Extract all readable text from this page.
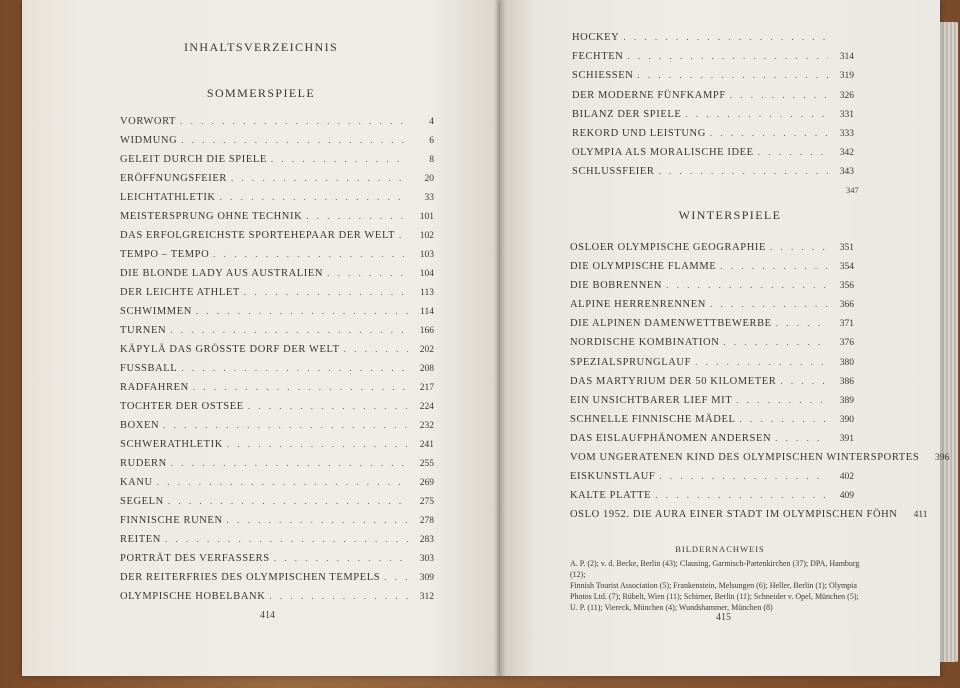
INHALTSVERZEICHNIS
SOMMERSPIELE
VORWORT . . .	4
WIDMUNG . . .	6
GELEIT DURCH DIE SPIELE . . .	8
ERÖFFNUNGSFEIER . . .	20
LEICHTATHLETIK . . .	33
MEISTERSPRUNG OHNE TECHNIK . . .	101
DAS ERFOLGREICHSTE SPORTEHEPAAR DER WELT . . .	102
TEMPO – TEMPO . . .	103
DIE BLONDE LADY AUS AUSTRALIEN . . .	104
DER LEICHTE ATHLET . . .	113
SCHWIMMEN . . .	114
TURNEN . . .	166
KÄPYLÄ DAS GRÖSSTE DORF DER WELT . . .	202
FUSSBALL . . .	208
RADFAHREN . . .	217
TOCHTER DER OSTSEE . . .	224
BOXEN . . .	232
SCHWERATHLETIK . . .	241
RUDERN . . .	255
KANU . . .	269
SEGELN . . .	275
FINNISCHE RUNEN . . .	278
REITEN . . .	283
PORTRÄT DES VERFASSERS . . .	303
DER REITERFRIES DES OLYMPISCHEN TEMPELS . . .	309
OLYMPISCHE HOBELBANK . . .	312
414
HOCKEY
. . .
FECHTEN . . .	314
SCHIESSEN . . .	319
DER MODERNE FÜNFKAMPF . . .	326
BILANZ DER SPIELE . . .	331
REKORD UND LEISTUNG . . .	333
OLYMPIA ALS MORALISCHE IDEE . . .	342
SCHLUSSFEIER . . .	343
347
WINTERSPIELE
OSLOER OLYMPISCHE GEOGRAPHIE . . .	351
DIE OLYMPISCHE FLAMME . . .	354
DIE BOBRENNEN . . .	356
ALPINE HERRENRENNEN . . .	366
DIE ALPINEN DAMENWETTBEWERBE . . .	371
NORDISCHE KOMBINATION . . .	376
SPEZIALSPRUNGLAUF . . .	380
DAS MARTYRIUM DER 50 KILOMETER . . .	386
EIN UNSICHTBARER LIEF MIT . . .	389
SCHNELLE FINNISCHE MÄDEL . . .	390
DAS EISLAUFPHÄNOMEN ANDERSEN . . .	391
VOM UNGERATENEN KIND DES OLYMPISCHEN WINTERSPORTES	396
EISKUNSTLAUF . . .	402
KALTE PLATTE . . .	409
OSLO 1952. DIE AURA EINER STADT IM OLYMPISCHEN FÖHN	411
BILDERNACHWEIS
A. P. (2); v. d. Becke, Berlin (43); Clausing, Garmisch-Partenkirchen (37); DPA, Hamburg (12);
Finnish Tourist Association (5); Frankenstein, Melsungen (6); Heller, Berlin (1); Olympia
Photos Ltd. (7); Rübelt, Wien (11); Schirner, Berlin (11); Schneider v. Opel, München (5);
U. P. (11); Viereck, München (4); Wundshammer, München (8)
415
